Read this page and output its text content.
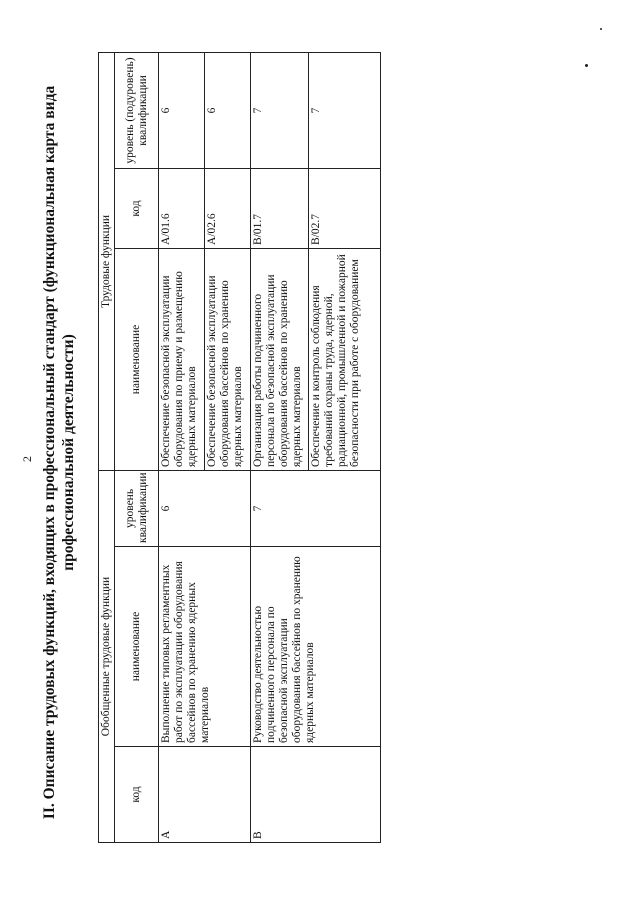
2 II. Описание трудовых функций, входящих в профессиональный стандарт (функциональная карта вида профессиональной деятельности)
Обобщенные трудовые функции			Трудовые функции		
код	наименование	уровень квалификации	наименование	код	уровень (подуровень) квалификации
A	Выполнение типовых регламентных работ по эксплуатации оборудования бассейнов по хранению ядерных материалов	6	Обеспечение безопасной эксплуатации оборудования по приему и размещению ядерных материалов	A/01.6	6
			Обеспечение безопасной эксплуатации оборудования бассейнов по хранению ядерных материалов	A/02.6	6
B	Руководство деятельностью подчиненного персонала по безопасной эксплуатации оборудования бассейнов по хранению ядерных материалов	7	Организация работы подчиненного персонала по безопасной эксплуатации оборудования бассейнов по хранению ядерных материалов	B/01.7	7
			Обеспечение и контроль соблюдения требований охраны труда, ядерной, радиационной, промышленной и пожарной безопасности при работе с оборудованием	B/02.7	7
